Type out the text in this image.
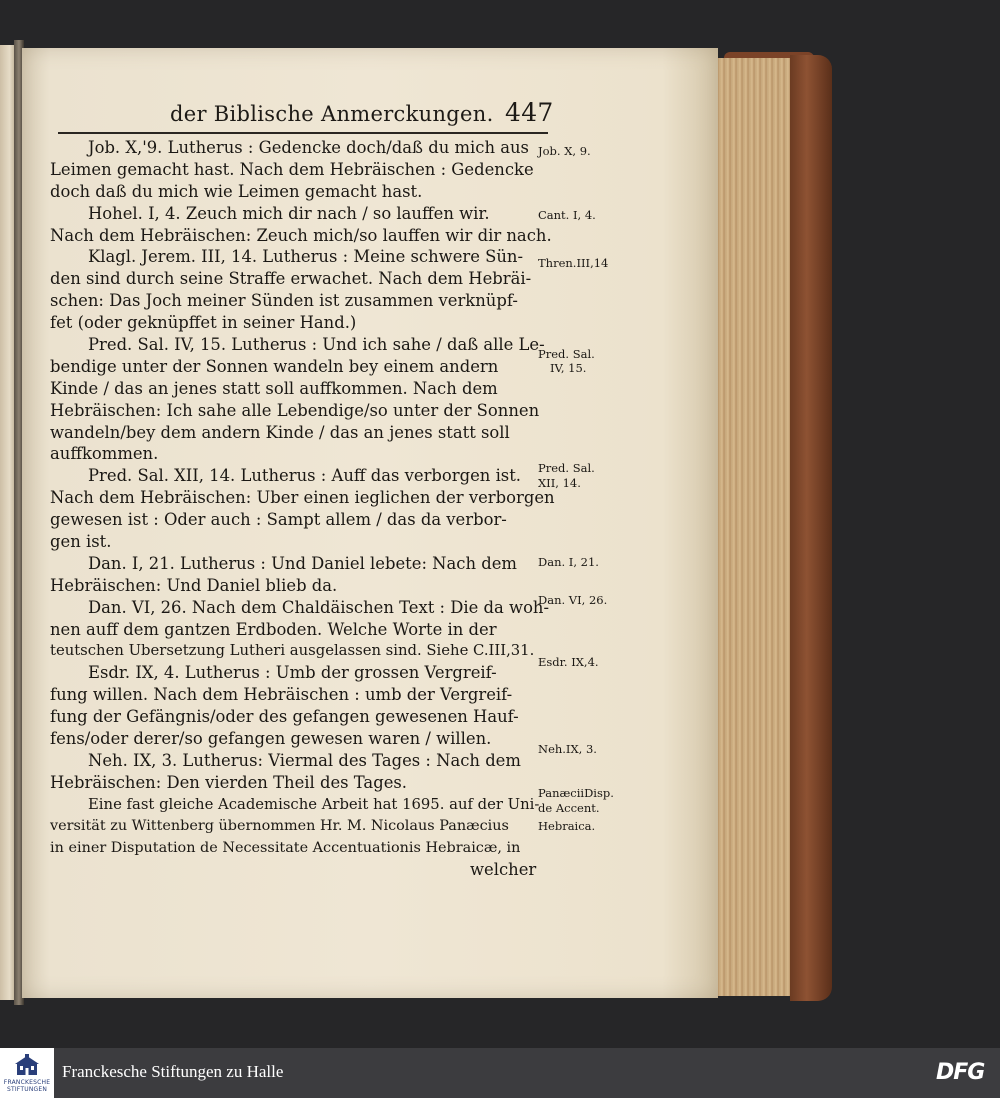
der Biblische Anmerckungen. 447
Job. X,'9. Lutherus : Gedencke doch/daß du mich aus
Leimen gemacht hast. Nach dem Hebräischen : Gedencke
doch daß du mich wie Leimen gemacht hast.
Hohel. I, 4. Zeuch mich dir nach / so lauffen wir.
Nach dem Hebräischen: Zeuch mich/so lauffen wir dir nach.
Klagl. Jerem. III, 14. Lutherus : Meine schwere Sün-
den sind durch seine Straffe erwachet. Nach dem Hebräi-
schen: Das Joch meiner Sünden ist zusammen verknüpf-
fet (oder geknüpffet in seiner Hand.)
Pred. Sal. IV, 15. Lutherus : Und ich sahe / daß alle Le-
bendige unter der Sonnen wandeln bey einem andern
Kinde / das an jenes statt soll auffkommen. Nach dem
Hebräischen: Ich sahe alle Lebendige/so unter der Sonnen
wandeln/bey dem andern Kinde / das an jenes statt soll
auffkommen.
Pred. Sal. XII, 14. Lutherus : Auff das verborgen ist.
Nach dem Hebräischen: Uber einen ieglichen der verborgen
gewesen ist : Oder auch : Sampt allem / das da verbor-
gen ist.
Dan. I, 21. Lutherus : Und Daniel lebete: Nach dem
Hebräischen: Und Daniel blieb da.
Dan. VI, 26. Nach dem Chaldäischen Text : Die da woh-
nen auff dem gantzen Erdboden. Welche Worte in der
teutschen Ubersetzung Lutheri ausgelassen sind. Siehe C.III,31.
Esdr. IX, 4. Lutherus : Umb der grossen Vergreif-
fung willen. Nach dem Hebräischen : umb der Vergreif-
fung der Gefängnis/oder des gefangen gewesenen Hauf-
fens/oder derer/so gefangen gewesen waren / willen.
Neh. IX, 3. Lutherus: Viermal des Tages : Nach dem
Hebräischen: Den vierden Theil des Tages.
Eine fast gleiche Academische Arbeit hat 1695. auf der Uni-
versität zu Wittenberg übernommen Hr. M. Nicolaus Panæcius
in einer Disputation de Necessitate Accentuationis Hebraicæ, in
welcher
Job. X, 9.
Cant. I, 4.
Thren.III,14
Pred. Sal.
IV, 15.
Pred. Sal.
XII, 14.
Dan. I, 21.
Dan. VI, 26.
Esdr. IX,4.
Neh.IX, 3.
PanæciiDisp.
de Accent.
Hebraica.
FRANCKESCHE
STIFTUNGEN
Franckesche Stiftungen zu Halle	DFG
